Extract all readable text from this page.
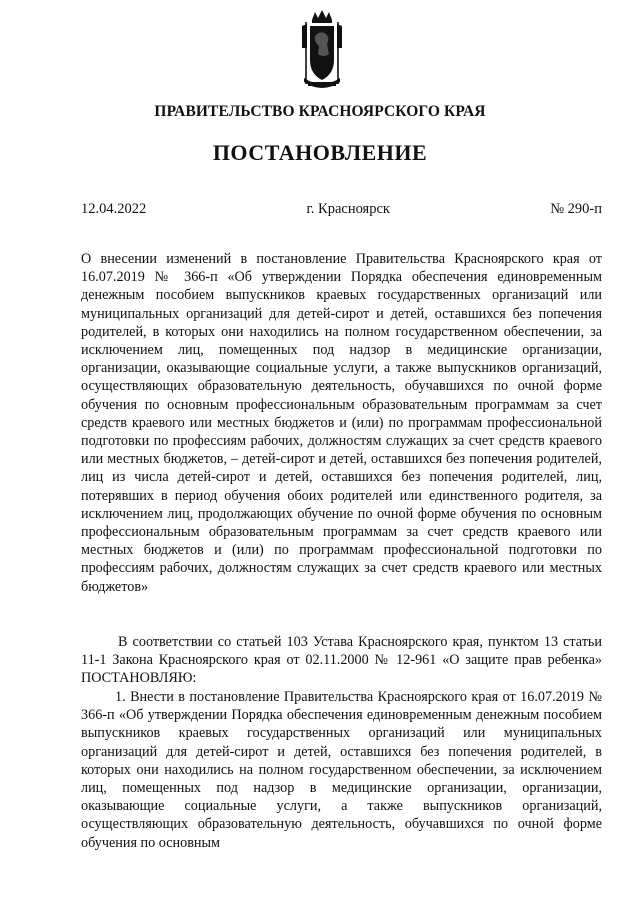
ПРАВИТЕЛЬСТВО КРАСНОЯРСКОГО КРАЯ
ПОСТАНОВЛЕНИЕ
12.04.2022	г. Красноярск	№ 290-п

О внесении изменений в постановление Правительства Красноярского края от 16.07.2019 № 366-п «Об утверждении Порядка обеспечения единовременным денежным пособием выпускников краевых государственных организаций или муниципальных организаций для детей-сирот и детей, оставшихся без попечения родителей, в которых они находились на полном государственном обеспечении, за исключением лиц, помещенных под надзор в медицинские организации, организации, оказывающие социальные услуги, а также выпускников организаций, осуществляющих образовательную деятельность, обучавшихся по очной форме обучения по основным профессиональным образовательным программам за счет средств краевого или местных бюджетов и (или) по программам профессиональной подготовки по профессиям рабочих, должностям служащих за счет средств краевого или местных бюджетов, – детей-сирот и детей, оставшихся без попечения родителей, лиц из числа детей-сирот и детей, оставшихся без попечения родителей, лиц, потерявших в период обучения обоих родителей или единственного родителя, за исключением лиц, продолжающих обучение по очной форме обучения по основным профессиональным образовательным программам за счет средств краевого или местных бюджетов и (или) по программам профессиональной подготовки по профессиям рабочих, должностям служащих за счет средств краевого или местных бюджетов»

В соответствии со статьей 103 Устава Красноярского края, пунктом 13 статьи 11-1 Закона Красноярского края от 02.11.2000 № 12-961 «О защите прав ребенка» ПОСТАНОВЛЯЮ:

1. Внести в постановление Правительства Красноярского края от 16.07.2019 № 366-п «Об утверждении Порядка обеспечения единовременным денежным пособием выпускников краевых государственных организаций или муниципальных организаций для детей-сирот и детей, оставшихся без попечения родителей, в которых они находились на полном государственном обеспечении, за исключением лиц, помещенных под надзор в медицинские организации, организации, оказывающие социальные услуги, а также выпускников организаций, осуществляющих образовательную деятельность, обучавшихся по очной форме обучения по основным
